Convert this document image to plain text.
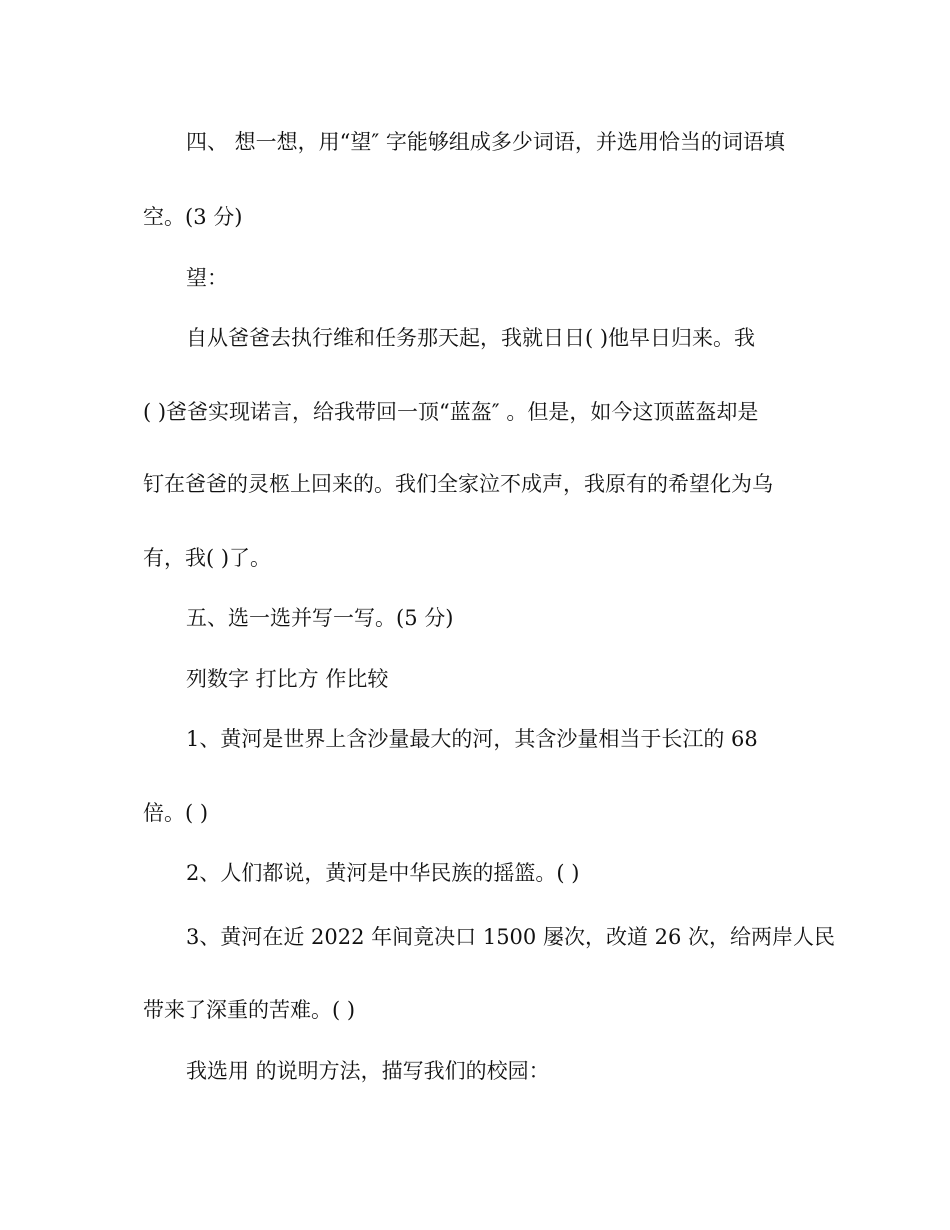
四、 想一想，用“望″ 字能够组成多少词语，并选用恰当的词语填
空。(3 分)
望：
自从爸爸去执行维和任务那天起，我就日日( )他早日归来。我
( )爸爸实现诺言，给我带回一顶“蓝盔″ 。但是，如今这顶蓝盔却是
钉在爸爸的灵柩上回来的。我们全家泣不成声，我原有的希望化为乌
有，我( )了。
五、选一选并写一写。(5 分)
列数字 打比方 作比较
1、黄河是世界上含沙量最大的河，其含沙量相当于长江的 68
倍。( )
2、人们都说，黄河是中华民族的摇篮。( )
3、黄河在近 2022 年间竟决口 1500 屡次，改道 26 次，给两岸人民
带来了深重的苦难。( )
我选用 的说明方法，描写我们的校园：
